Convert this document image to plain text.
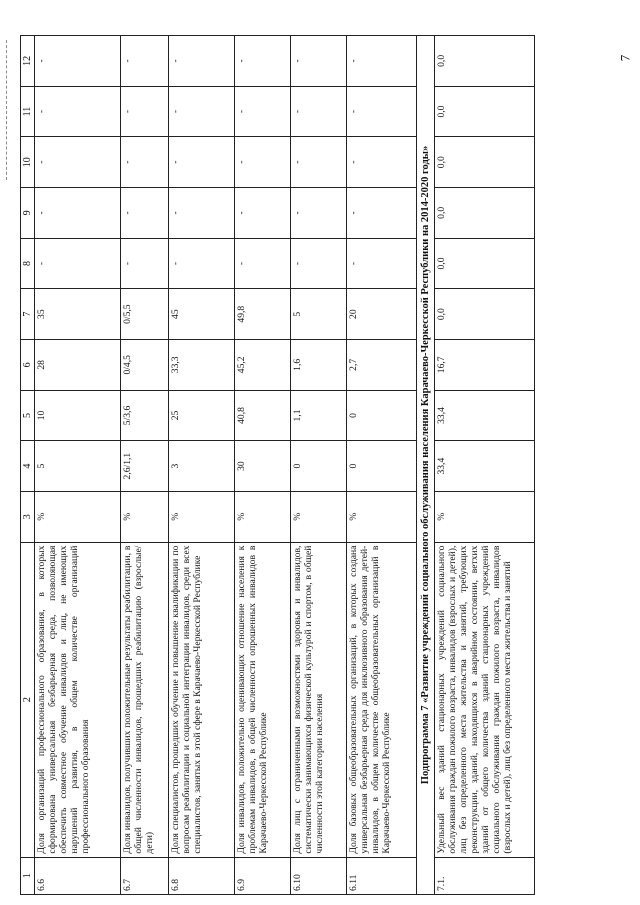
7
1	2	3	4	5	6	7	8	9	10	11	12
6.6	Доля организаций профессионального образования, в которых сформирована универсальная безбарьерная среда, позволяющая обеспечить совместное обучение инвалидов и лиц, не имеющих нарушений развития, в общем количестве организаций профессионального образования	%	5	10	28	35	-	-	-	-	-
6.7	Доля инвалидов, получивших положительные результаты реабилитации, в общей численности инвалидов, прошедших реабилитацию (взрослые/дети)	%	2,6/1,1	5/3,6	0/4,5	0/5,5	-	-	-	-	-
6.8	Доля специалистов, прошедших обучение и повышение квалификации по вопросам реабилитации и социальной интеграции инвалидов, среди всех специалистов, занятых в этой сфере в Карачаево-Черкесской Республике	%	3	25	33,3	45	-	-	-	-	-
6.9	Доля инвалидов, положительно оценивающих отношение населения к проблемам инвалидов, в общей численности опрошенных инвалидов в Карачаево-Черкесской Республике	%	30	40,8	45,2	49,8	-	-	-	-	-
6.10	Доля лиц с ограниченными возможностями здоровья и инвалидов, систематически занимающихся физической культурой и спортом, в общей численности этой категории населения	%	0	1,1	1,6	5	-	-	-	-	-
6.11	Доля базовых общеобразовательных организаций, в которых создана универсальная безбарьерная среда для инклюзивного образования детей-инвалидов, в общем количестве общеобразовательных организаций в Карачаево-Черкесской Республике	%	0	0	2,7	20	-	-	-	-	-
Подпрограмма 7 «Развитие учреждений социального обслуживания населения Карачаево-Черкесской Республики на 2014-2020 годы»											
7.1.	Удельный вес зданий стационарных учреждений социального обслуживания граждан пожилого возраста, инвалидов (взрослых и детей), лиц без определенного места жительства и занятий, требующих реконструкции, зданий, находящихся в аварийном состоянии, ветхих зданий от общего количества зданий стационарных учреждений социального обслуживания граждан пожилого возраста, инвалидов (взрослых и детей), лиц без определенного места жительства и занятий	%	33,4	33,4	16,7	0,0	0,0	0,0	0,0	0,0	0,0
